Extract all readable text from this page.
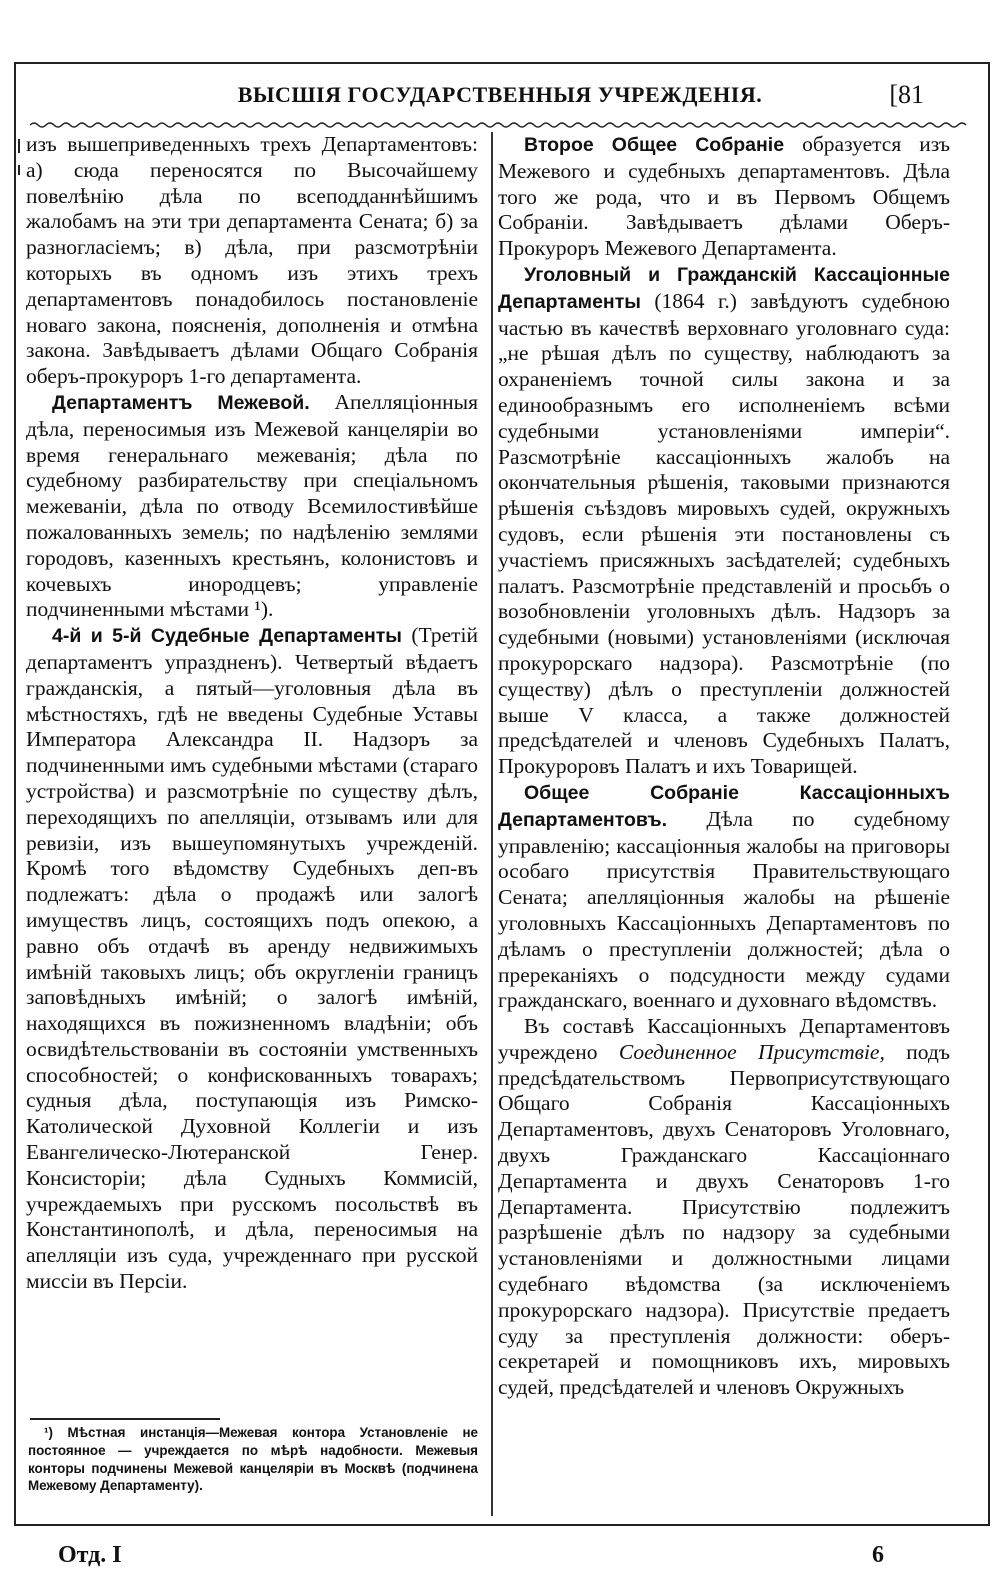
ВЫСШІЯ ГОСУДАРСТВЕННЫЯ УЧРЕЖДЕНІЯ.	[81

изъ вышеприведенныхъ трехъ Департаментовъ: а) сюда переносятся по Высочайшему повелѣнію дѣла по всеподданнѣйшимъ жалобамъ на эти три департамента Сената; б) за разногласіемъ; в) дѣла, при разсмотрѣніи которыхъ въ одномъ изъ этихъ трехъ департаментовъ понадобилось постановленіе новаго закона, поясненія, дополненія и отмѣна закона. Завѣдываетъ дѣлами Общаго Собранія оберъ-прокуроръ 1-го департамента.

Департаментъ Межевой. Апелляціонныя дѣла, переносимыя изъ Межевой канцеляріи во время генеральнаго межеванія; дѣла по судебному разбирательству при спеціальномъ межеваніи, дѣла по отводу Всемилостивѣйше пожалованныхъ земель; по надѣленію землями городовъ, казенныхъ крестьянъ, колонистовъ и кочевыхъ инородцевъ; управленіе подчиненными мѣстами ¹).

4-й и 5-й Судебные Департаменты (Третій департаментъ упраздненъ). Четвертый вѣдаетъ гражданскія, а пятый—уголовныя дѣла въ мѣстностяхъ, гдѣ не введены Судебные Уставы Императора Александра II. Надзоръ за подчиненными имъ судебными мѣстами (стараго устройства) и разсмотрѣніе по существу дѣлъ, переходящихъ по апелляціи, отзывамъ или для ревизіи, изъ вышеупомянутыхъ учрежденій. Кромѣ того вѣдомству Судебныхъ деп-въ подлежатъ: дѣла о продажѣ или залогѣ имуществъ лицъ, состоящихъ подъ опекою, а равно объ отдачѣ въ аренду недвижимыхъ имѣній таковыхъ лицъ; объ округленіи границъ заповѣдныхъ имѣній; о залогѣ имѣній, находящихся въ пожизненномъ владѣніи; объ освидѣтельствованіи въ состояніи умственныхъ способностей; о конфискованныхъ товарахъ; судныя дѣла, поступающія изъ Римско-Католической Духовной Коллегіи и изъ Евангелическо-Лютеранской Генер. Консисторіи; дѣла Судныхъ Коммисій, учреждаемыхъ при русскомъ посольствѣ въ Константинополѣ, и дѣла, переносимыя на апелляціи изъ суда, учрежденнаго при русской миссіи въ Персіи.

¹) Мѣстная инстанція—Межевая контора Установленіе не постоянное — учреждается по мѣрѣ надобности. Межевыя конторы подчинены Межевой канцеляріи въ Москвѣ (подчинена Межевому Департаменту).

Второе Общее Собраніе образуется изъ Межевого и судебныхъ департаментовъ. Дѣла того же рода, что и въ Первомъ Общемъ Собраніи. Завѣдываетъ дѣлами Оберъ-Прокуроръ Межевого Департамента.

Уголовный и Гражданскій Кассаціонные Департаменты (1864 г.) завѣдуютъ судебною частью въ качествѣ верховнаго уголовнаго суда: „не рѣшая дѣлъ по существу, наблюдаютъ за охраненіемъ точной силы закона и за единообразнымъ его исполненіемъ всѣми судебными установленіями имперіи“. Разсмотрѣніе кассаціонныхъ жалобъ на окончательныя рѣшенія, таковыми признаются рѣшенія съѣздовъ мировыхъ судей, окружныхъ судовъ, если рѣшенія эти постановлены съ участіемъ присяжныхъ засѣдателей; судебныхъ палатъ. Разсмотрѣніе представленій и просьбъ о возобновленіи уголовныхъ дѣлъ. Надзоръ за судебными (новыми) установленіями (исключая прокурорскаго надзора). Разсмотрѣніе (по существу) дѣлъ о преступленіи должностей выше V класса, а также должностей предсѣдателей и членовъ Судебныхъ Палатъ, Прокуроровъ Палатъ и ихъ Товарищей.

Общее Собраніе Кассаціонныхъ Департаментовъ. Дѣла по судебному управленію; кассаціонныя жалобы на приговоры особаго присутствія Правительствующаго Сената; апелляціонныя жалобы на рѣшеніе уголовныхъ Кассаціонныхъ Департаментовъ по дѣламъ о преступленіи должностей; дѣла о пререканіяхъ о подсудности между судами гражданскаго, военнаго и духовнаго вѣдомствъ.

Въ составѣ Кассаціонныхъ Департаментовъ учреждено Соединенное Присутствіе, подъ предсѣдательствомъ Первоприсутствующаго Общаго Собранія Кассаціонныхъ Департаментовъ, двухъ Сенаторовъ Уголовнаго, двухъ Гражданскаго Кассаціоннаго Департамента и двухъ Сенаторовъ 1-го Департамента. Присутствію подлежитъ разрѣшеніе дѣлъ по надзору за судебными установленіями и должностными лицами судебнаго вѣдомства (за исключеніемъ прокурорскаго надзора). Присутствіе предаетъ суду за преступленія должности: оберъ-секретарей и помощниковъ ихъ, мировыхъ судей, предсѣдателей и членовъ Окружныхъ

Отд. I	6
